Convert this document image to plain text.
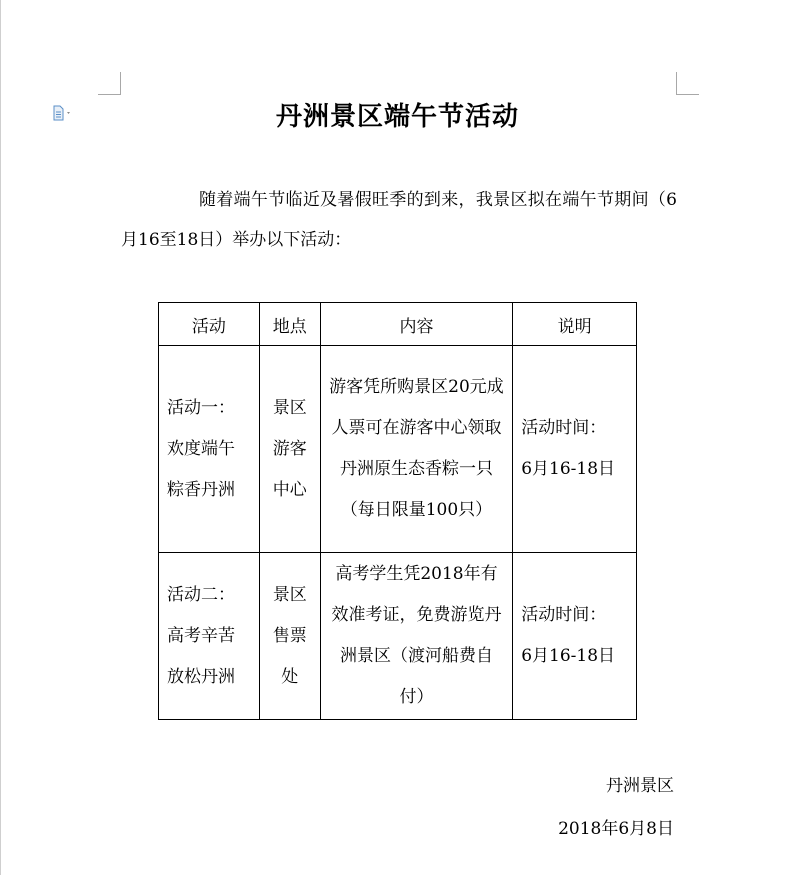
丹洲景区端午节活动
随着端午节临近及暑假旺季的到来，我景区拟在端午节期间（6月16至18日）举办以下活动：
活动	地点	内容	说明
活动一：欢度端午粽香丹洲	景区游客中心	游客凭所购景区20元成人票可在游客中心领取丹洲原生态香粽一只（每日限量100只）	活动时间：
6月16-18日

活动二：高考辛苦放松丹洲	景区售票处	高考学生凭2018年有效准考证，免费游览丹洲景区（渡河船费自付）	活动时间：
6月16-18日
丹洲景区
2018年6月8日
